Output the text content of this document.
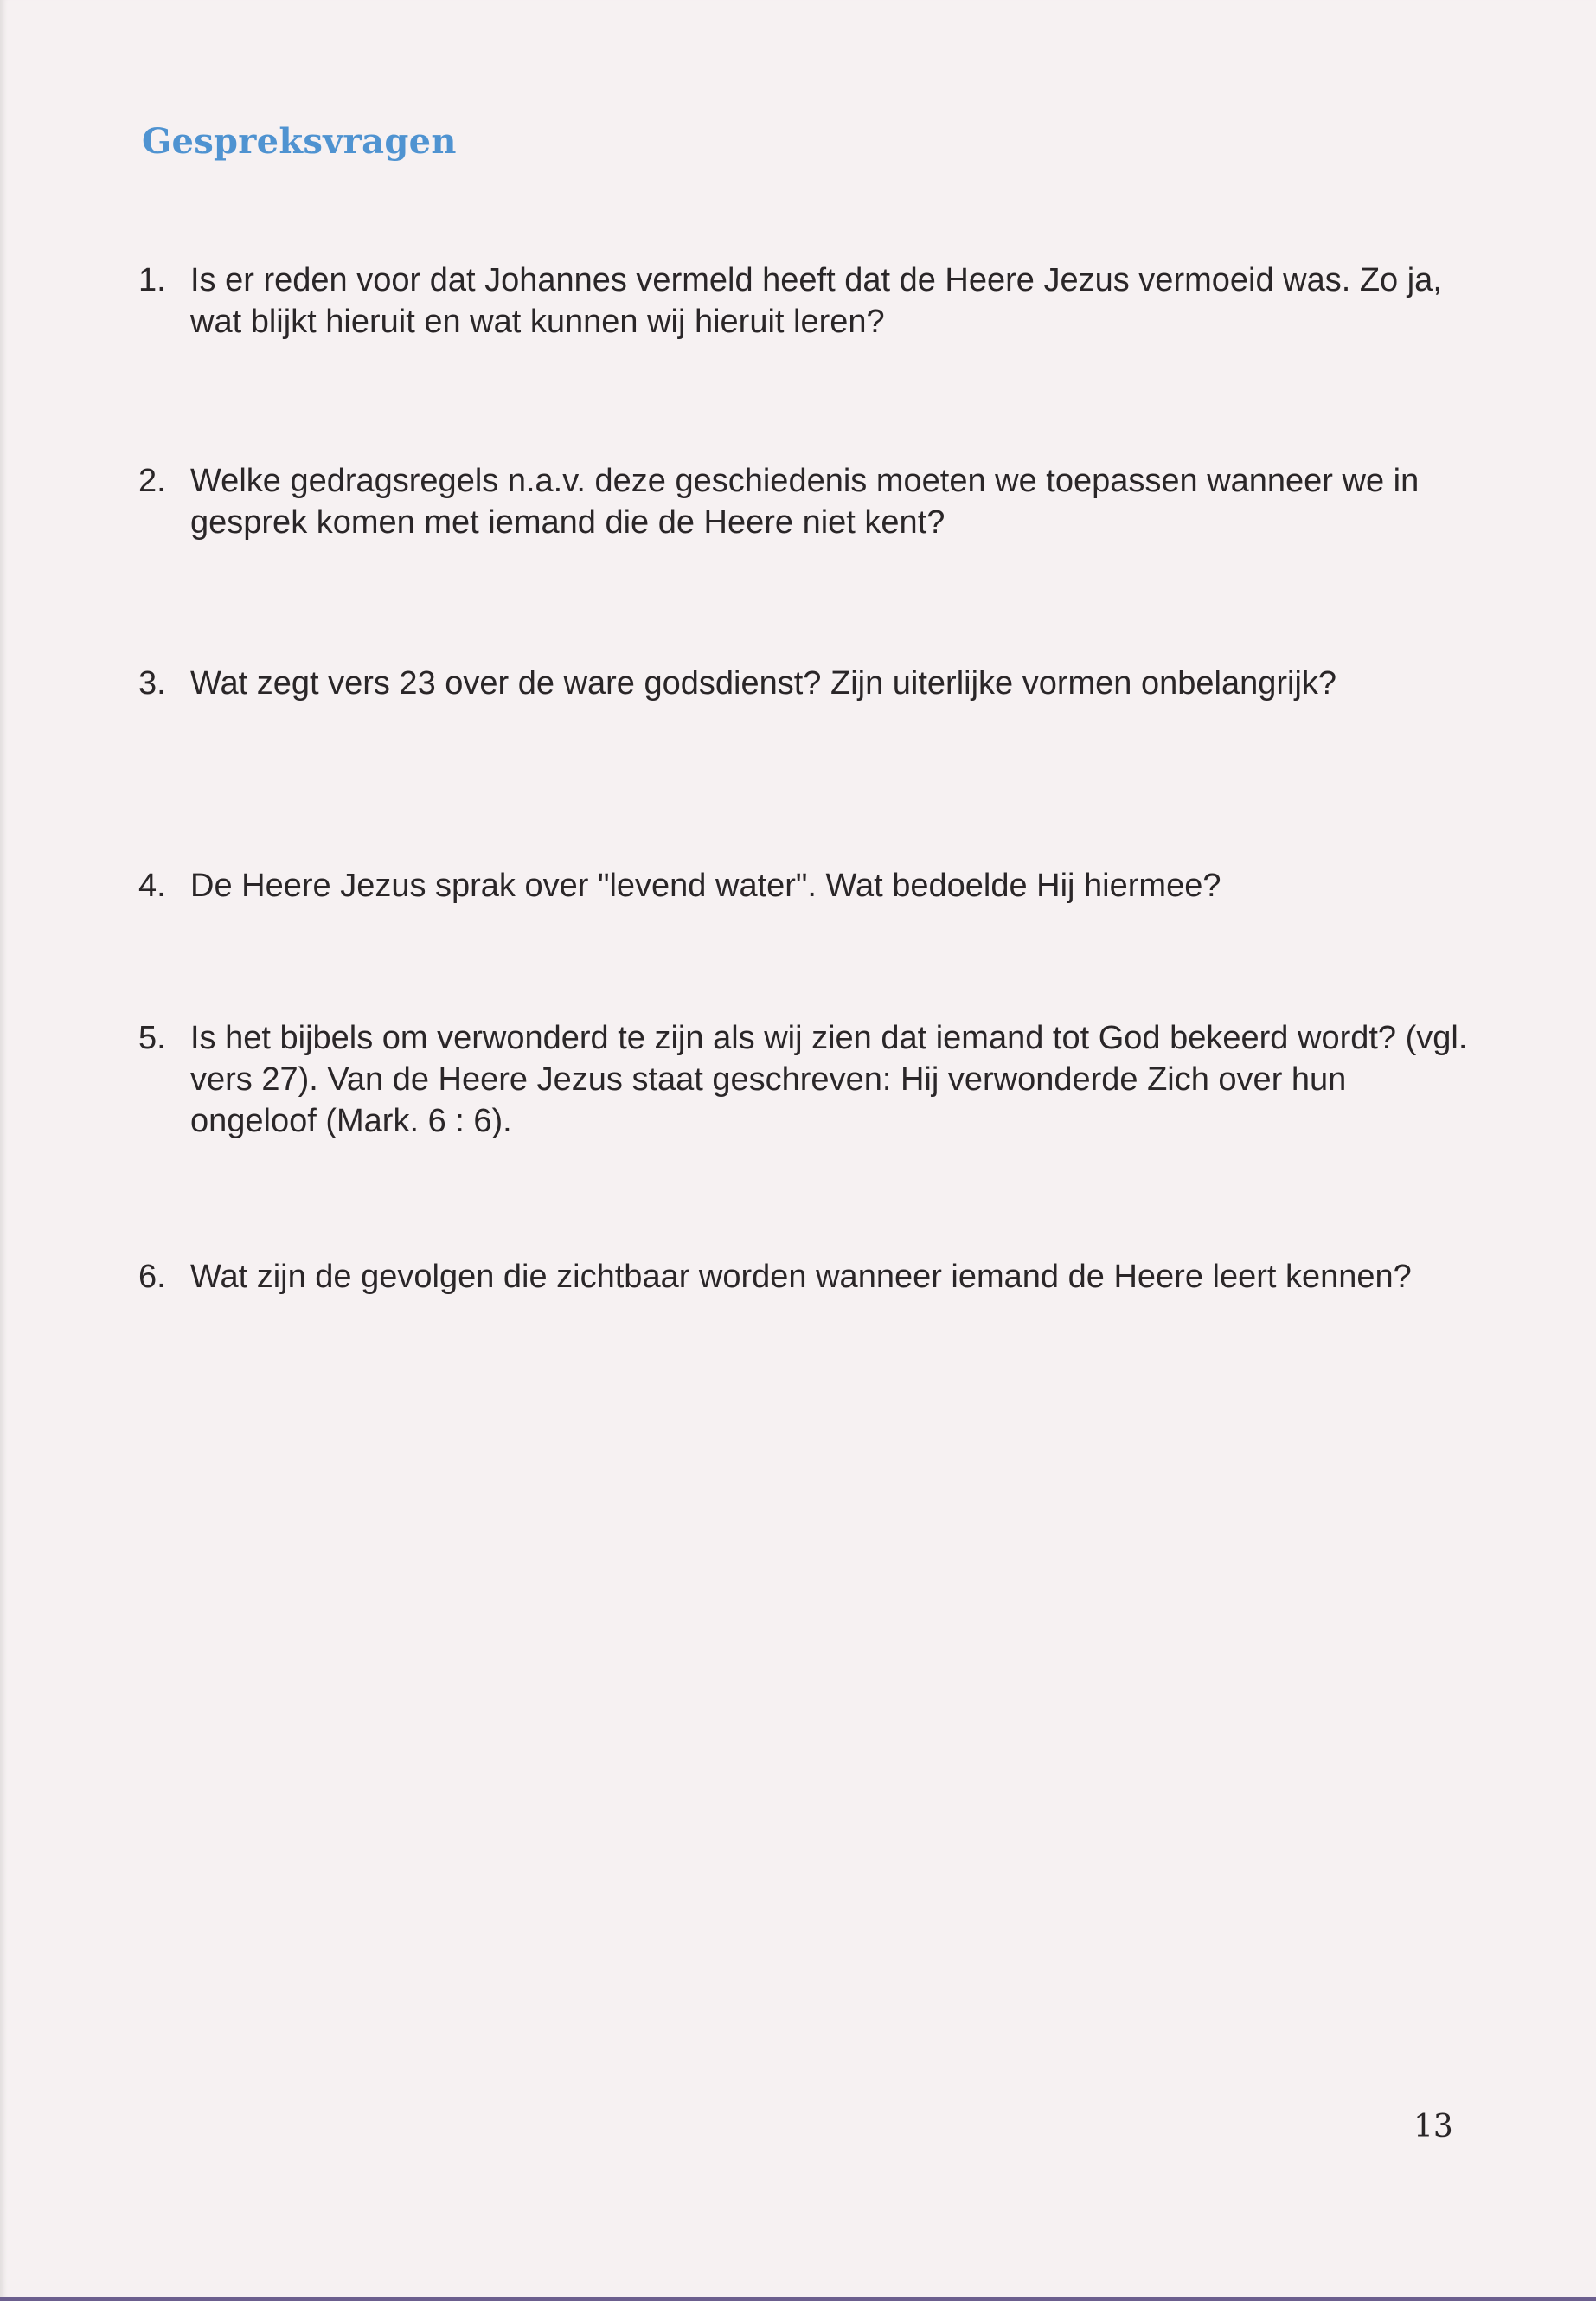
Gespreksvragen
1. Is er reden voor dat Johannes vermeld heeft dat de Heere Jezus vermoeid was. Zo ja, wat blijkt hieruit en wat kunnen wij hieruit leren?
2. Welke gedragsregels n.a.v. deze geschiedenis moeten we toepassen wanneer we in gesprek komen met iemand die de Heere niet kent?
3. Wat zegt vers 23 over de ware godsdienst? Zijn uiterlijke vormen onbelangrijk?
4. De Heere Jezus sprak over "levend water". Wat bedoelde Hij hiermee?
5. Is het bijbels om verwonderd te zijn als wij zien dat iemand tot God bekeerd wordt? (vgl. vers 27). Van de Heere Jezus staat geschreven: Hij verwonderde Zich over hun ongeloof (Mark. 6 : 6).
6. Wat zijn de gevolgen die zichtbaar worden wanneer iemand de Heere leert kennen?
13
